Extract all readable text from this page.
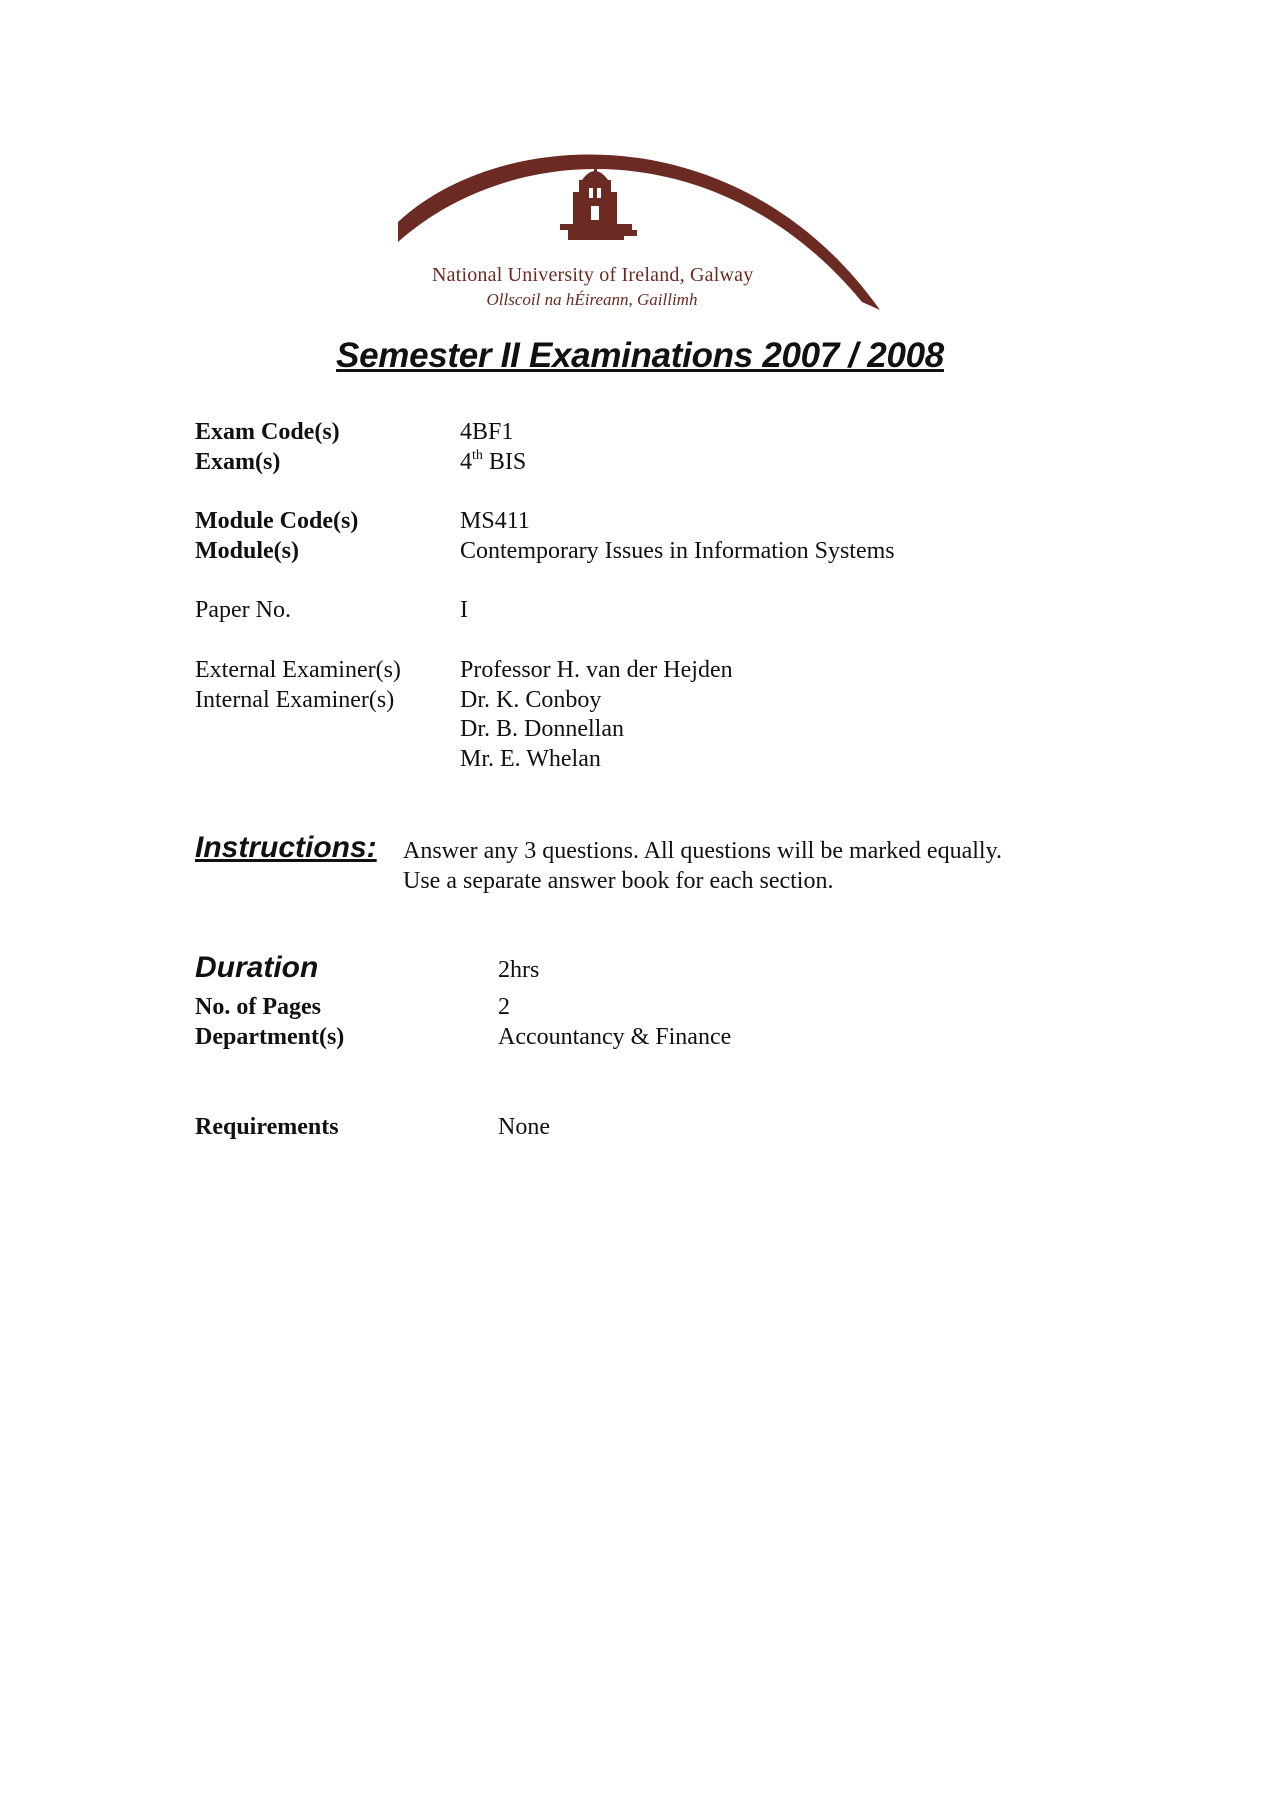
National University of Ireland, Galway
Ollscoil na hÉireann, Gaillimh
Semester II Examinations 2007 / 2008
Exam Code(s)	4BF1
Exam(s)	4th BIS
Module Code(s)	MS411
Module(s)	Contemporary Issues in Information Systems
Paper No.	I
External Examiner(s) Professor H. van der Hejden
Internal Examiner(s)	Dr. K. Conboy
Dr. B. Donnellan
Mr. E. Whelan
Instructions: Answer any 3 questions. All questions will be marked equally.
Use a separate answer book for each section.
Duration	2hrs
No. of Pages	2
Department(s)	Accountancy & Finance
Requirements	None
